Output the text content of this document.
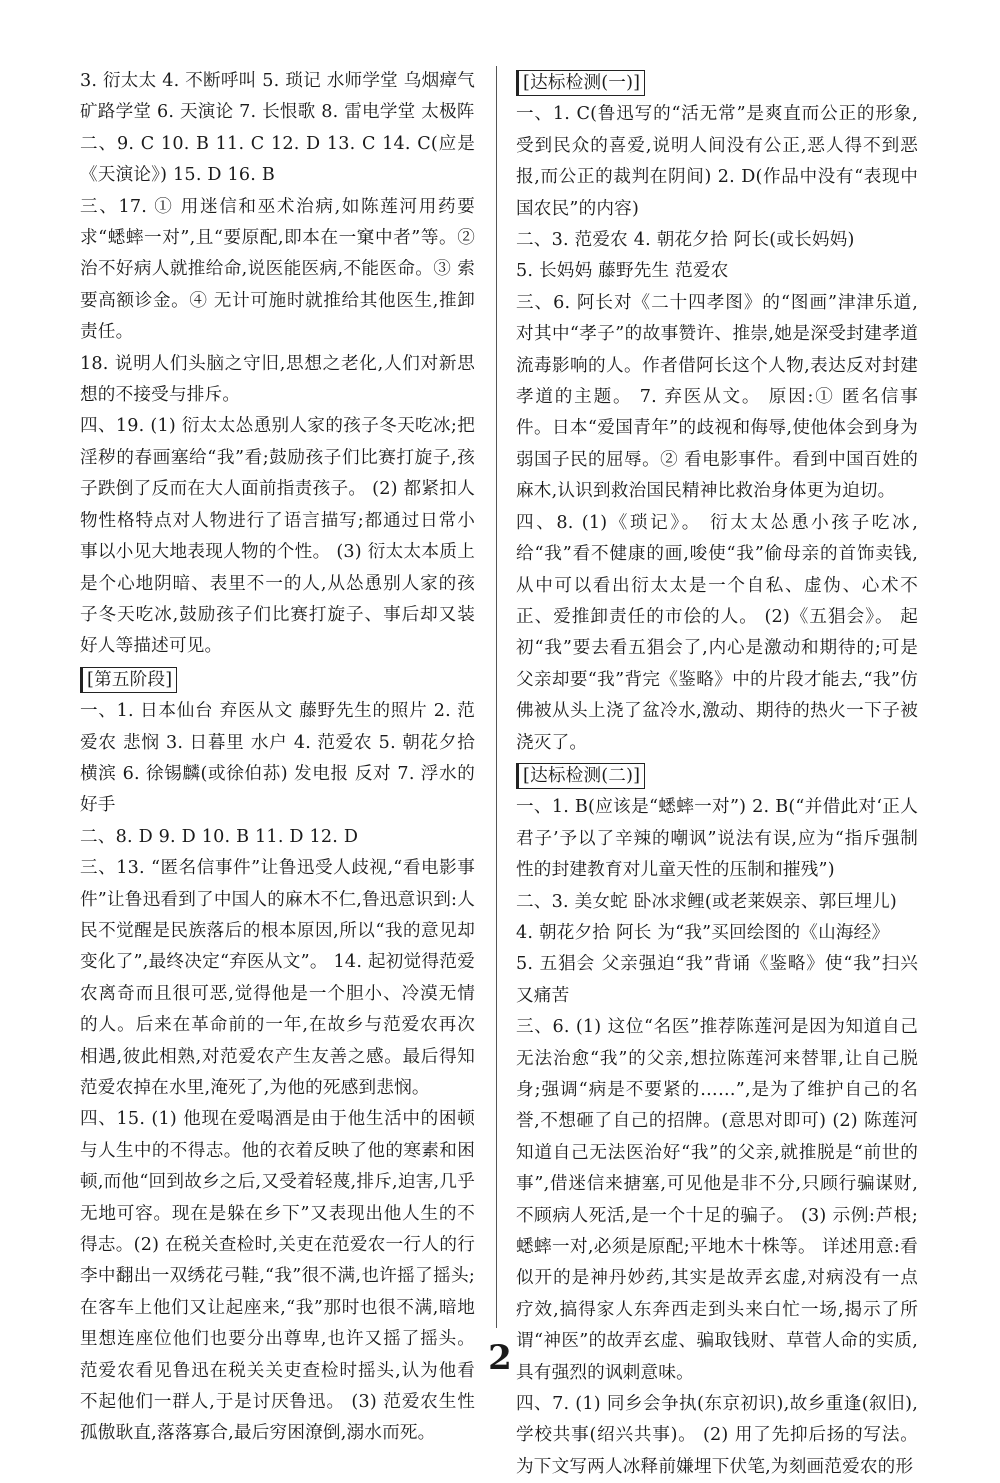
3. 衍太太 4. 不断呼叫 5. 琐记 水师学堂 乌烟瘴气 矿路学堂 6. 天演论 7. 长恨歌 8. 雷电学堂 太极阵

二、9. C 10. B 11. C 12. D 13. C 14. C(应是《天演论》) 15. D 16. B

三、17. ① 用迷信和巫术治病,如陈莲河用药要求“蟋蟀一对”,且“要原配,即本在一窠中者”等。② 治不好病人就推给命,说医能医病,不能医命。③ 索要高额诊金。④ 无计可施时就推给其他医生,推卸责任。

18. 说明人们头脑之守旧,思想之老化,人们对新思想的不接受与排斥。

四、19. (1) 衍太太怂恿别人家的孩子冬天吃冰;把淫秽的春画塞给“我”看;鼓励孩子们比赛打旋子,孩子跌倒了反而在大人面前指责孩子。 (2) 都紧扣人物性格特点对人物进行了语言描写;都通过日常小事以小见大地表现人物的个性。 (3) 衍太太本质上是个心地阴暗、表里不一的人,从怂恿别人家的孩子冬天吃冰,鼓励孩子们比赛打旋子、事后却又装好人等描述可见。

[第五阶段]

一、1. 日本仙台 弃医从文 藤野先生的照片 2. 范爱农 悲悯 3. 日暮里 水户 4. 范爱农 5. 朝花夕拾 横滨 6. 徐锡麟(或徐伯荪) 发电报 反对 7. 浮水的好手

二、8. D 9. D 10. B 11. D 12. D

三、13. “匿名信事件”让鲁迅受人歧视,“看电影事件”让鲁迅看到了中国人的麻木不仁,鲁迅意识到:人民不觉醒是民族落后的根本原因,所以“我的意见却变化了”,最终决定“弃医从文”。 14. 起初觉得范爱农离奇而且很可恶,觉得他是一个胆小、冷漠无情的人。后来在革命前的一年,在故乡与范爱农再次相遇,彼此相熟,对范爱农产生友善之感。最后得知范爱农掉在水里,淹死了,为他的死感到悲悯。

四、15. (1) 他现在爱喝酒是由于他生活中的困顿与人生中的不得志。他的衣着反映了他的寒素和困顿,而他“回到故乡之后,又受着轻蔑,排斥,迫害,几乎无地可容。现在是躲在乡下”又表现出他人生的不得志。(2) 在税关查检时,关吏在范爱农一行人的行李中翻出一双绣花弓鞋,“我”很不满,也许摇了摇头;在客车上他们又让起座来,“我”那时也很不满,暗地里想连座位他们也要分出尊卑,也许又摇了摇头。范爱农看见鲁迅在税关关吏查检时摇头,认为他看不起他们一群人,于是讨厌鲁迅。 (3) 范爱农生性孤傲耿直,落落寡合,最后穷困潦倒,溺水而死。

[达标检测(一)]

一、1. C(鲁迅写的“活无常”是爽直而公正的形象,受到民众的喜爱,说明人间没有公正,恶人得不到恶报,而公正的裁判在阴间) 2. D(作品中没有“表现中国农民”的内容)

二、3. 范爱农 4. 朝花夕拾 阿长(或长妈妈)

5. 长妈妈 藤野先生 范爱农

三、6. 阿长对《二十四孝图》的“图画”津津乐道,对其中“孝子”的故事赞许、推崇,她是深受封建孝道流毒影响的人。作者借阿长这个人物,表达反对封建孝道的主题。 7. 弃医从文。 原因:① 匿名信事件。日本“爱国青年”的歧视和侮辱,使他体会到身为弱国子民的屈辱。② 看电影事件。看到中国百姓的麻木,认识到救治国民精神比救治身体更为迫切。

四、8. (1)《琐记》。 衍太太怂恿小孩子吃冰,给“我”看不健康的画,唆使“我”偷母亲的首饰卖钱,从中可以看出衍太太是一个自私、虚伪、心术不正、爱推卸责任的市侩的人。 (2)《五猖会》。 起初“我”要去看五猖会了,内心是激动和期待的;可是父亲却要“我”背完《鉴略》中的片段才能去,“我”仿佛被从头上浇了盆冷水,激动、期待的热火一下子被浇灭了。

[达标检测(二)]

一、1. B(应该是“蟋蟀一对”) 2. B(“并借此对‘正人君子’予以了辛辣的嘲讽”说法有误,应为“指斥强制性的封建教育对儿童天性的压制和摧残”)

二、3. 美女蛇 卧冰求鲤(或老莱娱亲、郭巨埋儿)

4. 朝花夕拾 阿长 为“我”买回绘图的《山海经》

5. 五猖会 父亲强迫“我”背诵《鉴略》使“我”扫兴又痛苦

三、6. (1) 这位“名医”推荐陈莲河是因为知道自己无法治愈“我”的父亲,想拉陈莲河来替罪,让自己脱身;强调“病是不要紧的……”,是为了维护自己的名誉,不想砸了自己的招牌。(意思对即可) (2) 陈莲河知道自己无法医治好“我”的父亲,就推脱是“前世的事”,借迷信来搪塞,可见他是非不分,只顾行骗谋财,不顾病人死活,是一个十足的骗子。 (3) 示例:芦根;蟋蟀一对,必须是原配;平地木十株等。 详述用意:看似开的是神丹妙药,其实是故弄玄虚,对病没有一点疗效,搞得家人东奔西走到头来白忙一场,揭示了所谓“神医”的故弄玄虚、骗取钱财、草菅人命的实质,具有强烈的讽刺意味。

四、7. (1) 同乡会争执(东京初识),故乡重逢(叙旧),学校共事(绍兴共事)。 (2) 用了先抑后扬的写法。为下文写两人冰释前嫌埋下伏笔,为刻画范爱农的形

2
